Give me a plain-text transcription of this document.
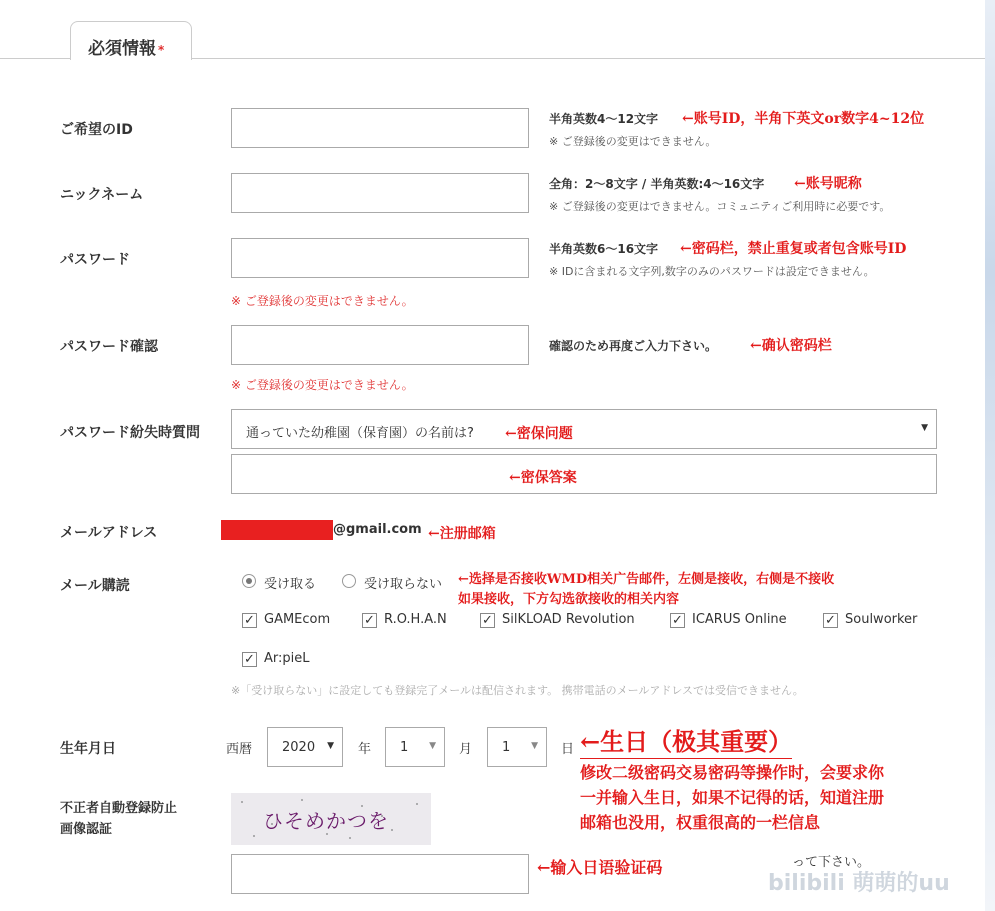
必須情報 *
ご希望のID
半角英数4～12文字
※ ご登録後の変更はできません。
←账号ID，半角下英文or数字4~12位
ニックネーム
全角：2～8文字 / 半角英数:4～16文字
※ ご登録後の変更はできません。コミュニティご利用時に必要です。
←账号昵称
パスワード
半角英数6～16文字
※ IDに含まれる文字列,数字のみのパスワードは設定できません。
←密码栏，禁止重复或者包含账号ID
※ ご登録後の変更はできません。
パスワード確認	確認のため再度ご入力下さい。 ←确认密码栏
※ ご登録後の変更はできません。
パスワード紛失時質問	通っていた幼稚園（保育園）の名前は?	▼
←密保问题
←密保答案
メールアドレス	@gmail.com ←注册邮箱
メール購読	受け取る	受け取らない ←选择是否接收WMD相关广告邮件，左侧是接收，右侧是不接收
如果接收，下方勾选欲接收的相关内容
✓ GAMEcom	✓ R.O.H.A.N	✓ SilKLOAD Revolution	✓ ICARUS Online	✓ Soulworker
✓ Ar:pieL
※「受け取らない」に設定しても登録完了メールは配信されます。 携帯電話のメールアドレスでは受信できません。
生年月日	西暦 2020 ▼ 年 1 ▼ 月 1 ▼ 日 ←生日（极其重要）
修改二级密码交易密码等操作时，会要求你
一并输入生日，如果不记得的话，知道注册
邮箱也没用，权重很高的一栏信息
不正者自動登録防止
画像認証	ひそめかつを
って下さい。
←输入日语验证码
bilibili 萌萌的uu
